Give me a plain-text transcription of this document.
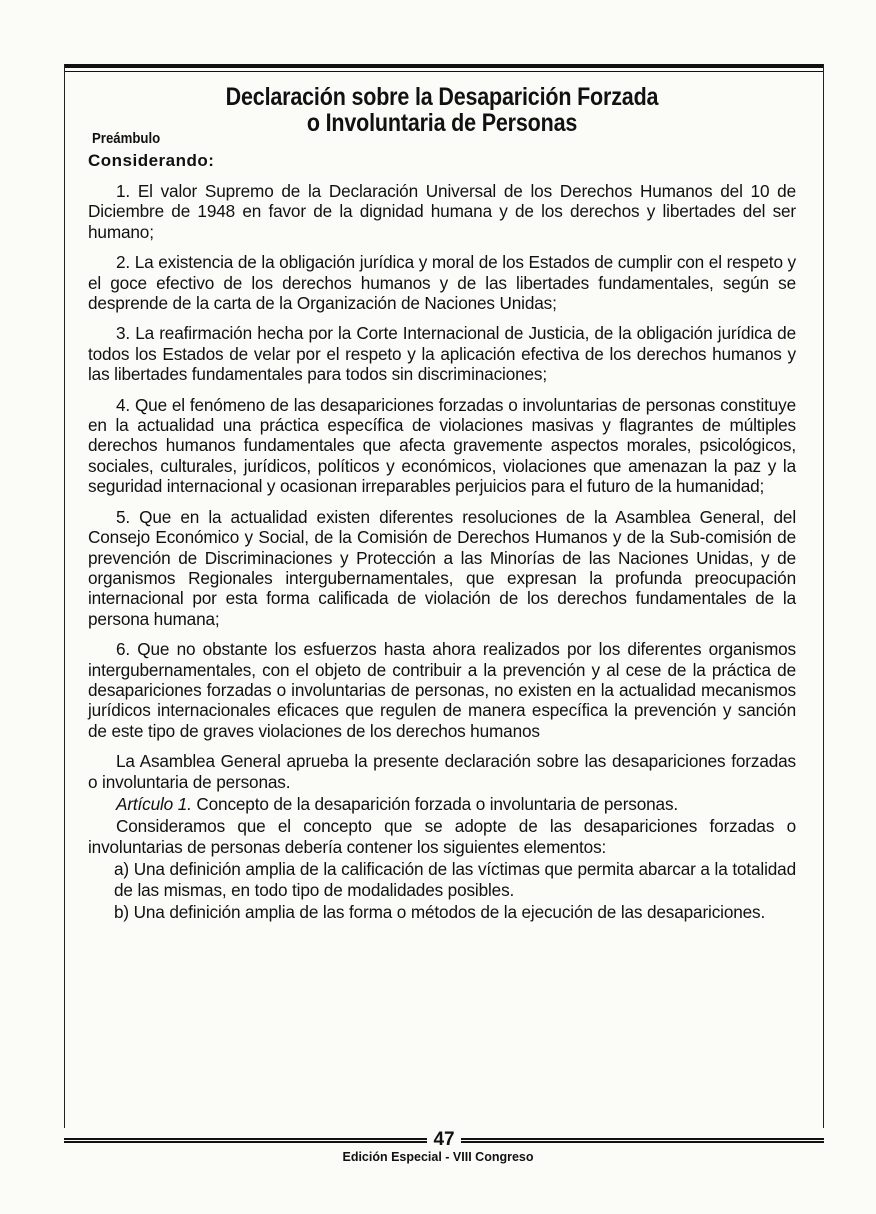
Declaración sobre la Desaparición Forzada
o Involuntaria de Personas
Preámbulo
Considerando:

1. El valor Supremo de la Declaración Universal de los Derechos Humanos del 10 de Diciembre de 1948 en favor de la dignidad humana y de los derechos y libertades del ser humano;

2. La existencia de la obligación jurídica y moral de los Estados de cumplir con el respeto y el goce efectivo de los derechos humanos y de las libertades fundamentales, según se desprende de la carta de la Organización de Naciones Unidas;

3. La reafirmación hecha por la Corte Internacional de Justicia, de la obligación jurídica de todos los Estados de velar por el respeto y la aplicación efectiva de los derechos humanos y las libertades fundamentales para todos sin discriminaciones;

4. Que el fenómeno de las desapariciones forzadas o involuntarias de personas constituye en la actualidad una práctica específica de violaciones masivas y flagrantes de múltiples derechos humanos fundamentales que afecta gravemente aspectos morales, psicológicos, sociales, culturales, jurídicos, políticos y económicos, violaciones que amenazan la paz y la seguridad internacional y ocasionan irreparables perjuicios para el futuro de la humanidad;

5. Que en la actualidad existen diferentes resoluciones de la Asamblea General, del Consejo Económico y Social, de la Comisión de Derechos Humanos y de la Sub-comisión de prevención de Discriminaciones y Protección a las Minorías de las Naciones Unidas, y de organismos Regionales intergubernamentales, que expresan la profunda preocupación internacional por esta forma calificada de violación de los derechos fundamentales de la persona humana;

6. Que no obstante los esfuerzos hasta ahora realizados por los diferentes organismos intergubernamentales, con el objeto de contribuir a la prevención y al cese de la práctica de desapariciones forzadas o involuntarias de personas, no existen en la actualidad mecanismos jurídicos internacionales eficaces que regulen de manera específica la prevención y sanción de este tipo de graves violaciones de los derechos humanos

La Asamblea General aprueba la presente declaración sobre las desapariciones forzadas o involuntaria de personas.

Artículo 1. Concepto de la desaparición forzada o involuntaria de personas.

Consideramos que el concepto que se adopte de las desapariciones forzadas o involuntarias de personas debería contener los siguientes elementos:

a) Una definición amplia de la calificación de las víctimas que permita abarcar a la totalidad de las mismas, en todo tipo de modalidades posibles.

b) Una definición amplia de las forma o métodos de la ejecución de las desapariciones.

47
Edición Especial - VIII Congreso
